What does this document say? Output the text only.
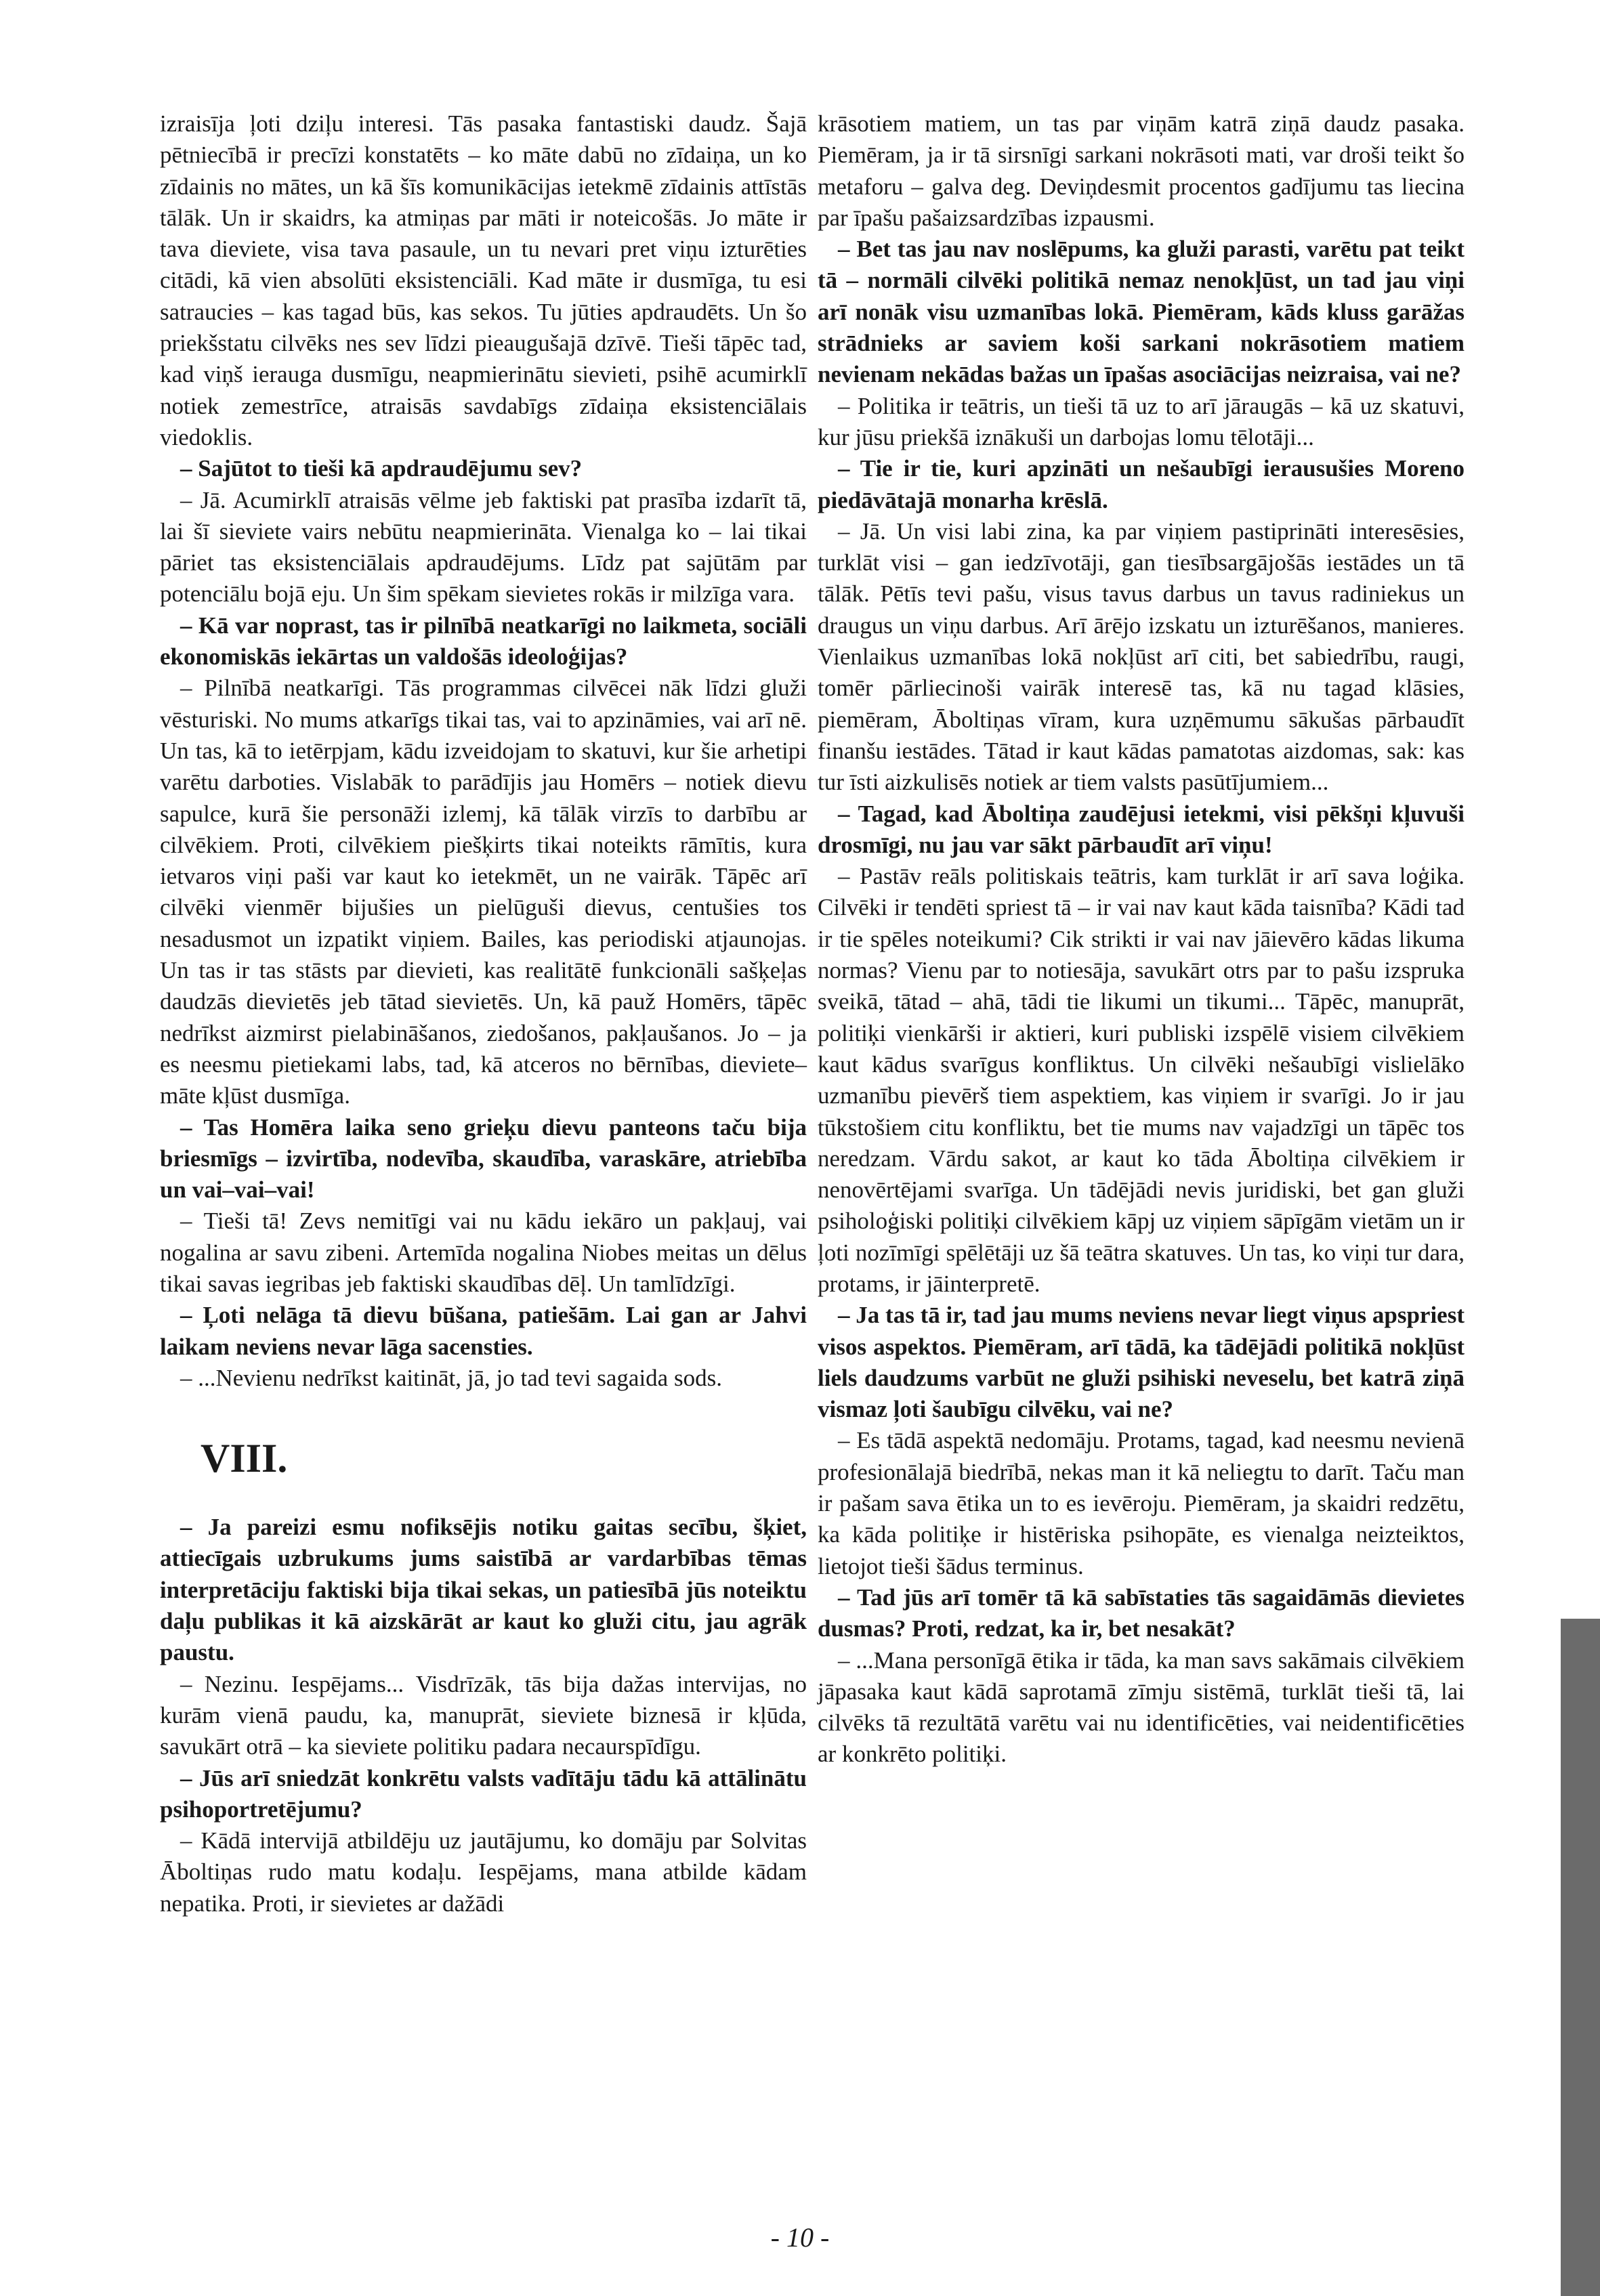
izraisīja ļoti dziļu interesi. Tās pasaka fantastiski daudz. Šajā pētniecībā ir precīzi konstatēts – ko māte dabū no zīdaiņa, un ko zīdainis no mātes, un kā šīs komunikācijas ietekmē zīdainis attīstās tālāk. Un ir skaidrs, ka atmiņas par māti ir noteicošās. Jo māte ir tava dieviete, visa tava pasaule, un tu nevari pret viņu izturēties citādi, kā vien absolūti eksistenciāli. Kad māte ir dusmīga, tu esi satraucies – kas tagad būs, kas sekos. Tu jūties apdraudēts. Un šo priekšstatu cilvēks nes sev līdzi pieaugušajā dzīvē. Tieši tāpēc tad, kad viņš ierauga dusmīgu, neapmierinātu sievieti, psihē acumirklī notiek zemestrīce, atraisās savdabīgs zīdaiņa eksistenciālais viedoklis.

– Sajūtot to tieši kā apdraudējumu sev?

– Jā. Acumirklī atraisās vēlme jeb faktiski pat prasība izdarīt tā, lai šī sieviete vairs nebūtu neapmierināta. Vienalga ko – lai tikai pāriet tas eksistenciālais apdraudējums. Līdz pat sajūtām par potenciālu bojā eju. Un šim spēkam sievietes rokās ir milzīga vara.

– Kā var noprast, tas ir pilnībā neatkarīgi no laikmeta, sociāli ekonomiskās iekārtas un valdošās ideoloģijas?

– Pilnībā neatkarīgi. Tās programmas cilvēcei nāk līdzi gluži vēsturiski. No mums atkarīgs tikai tas, vai to apzināmies, vai arī nē. Un tas, kā to ietērpjam, kādu izveidojam to skatuvi, kur šie arhetipi varētu darboties. Vislabāk to parādījis jau Homērs – notiek dievu sapulce, kurā šie personāži izlemj, kā tālāk virzīs to darbību ar cilvēkiem. Proti, cilvēkiem piešķirts tikai noteikts rāmītis, kura ietvaros viņi paši var kaut ko ietekmēt, un ne vairāk. Tāpēc arī cilvēki vienmēr bijušies un pielūguši dievus, centušies tos nesadusmot un izpatikt viņiem. Bailes, kas periodiski atjaunojas. Un tas ir tas stāsts par dievieti, kas realitātē funkcionāli sašķeļas daudzās dievietēs jeb tātad sievietēs. Un, kā pauž Homērs, tāpēc nedrīkst aizmirst pielabināšanos, ziedošanos, pakļaušanos. Jo – ja es neesmu pietiekami labs, tad, kā atceros no bērnības, dieviete–māte kļūst dusmīga.

– Tas Homēra laika seno grieķu dievu panteons taču bija briesmīgs – izvirtība, nodevība, skaudība, varaskāre, atriebība un vai–vai–vai!

– Tieši tā! Zevs nemitīgi vai nu kādu iekāro un pakļauj, vai nogalina ar savu zibeni. Artemīda nogalina Niobes meitas un dēlus tikai savas iegribas jeb faktiski skaudības dēļ. Un tamlīdzīgi.

– Ļoti nelāga tā dievu būšana, patiešām. Lai gan ar Jahvi laikam neviens nevar lāga sacensties.

– ...Nevienu nedrīkst kaitināt, jā, jo tad tevi sagaida sods.

VIII.

– Ja pareizi esmu nofiksējis notiku gaitas secību, šķiet, attiecīgais uzbrukums jums saistībā ar vardarbības tēmas interpretāciju faktiski bija tikai sekas, un patiesībā jūs noteiktu daļu publikas it kā aizskārāt ar kaut ko gluži citu, jau agrāk paustu.

– Nezinu. Iespējams... Visdrīzāk, tās bija dažas intervijas, no kurām vienā paudu, ka, manuprāt, sieviete biznesā ir kļūda, savukārt otrā – ka sieviete politiku padara necaurspīdīgu.

– Jūs arī sniedzāt konkrētu valsts vadītāju tādu kā attālinātu psihoportretējumu?

– Kādā intervijā atbildēju uz jautājumu, ko domāju par Solvitas Āboltiņas rudo matu kodaļu. Iespējams, mana atbilde kādam nepatika. Proti, ir sievietes ar dažādi

krāsotiem matiem, un tas par viņām katrā ziņā daudz pasaka. Piemēram, ja ir tā sirsnīgi sarkani nokrāsoti mati, var droši teikt šo metaforu – galva deg. Deviņdesmit procentos gadījumu tas liecina par īpašu pašaizsardzības izpausmi.

– Bet tas jau nav noslēpums, ka gluži parasti, varētu pat teikt tā – normāli cilvēki politikā nemaz nenokļūst, un tad jau viņi arī nonāk visu uzmanības lokā. Piemēram, kāds kluss garāžas strādnieks ar saviem koši sarkani nokrāsotiem matiem nevienam nekādas bažas un īpašas asociācijas neizraisa, vai ne?

– Politika ir teātris, un tieši tā uz to arī jāraugās – kā uz skatuvi, kur jūsu priekšā iznākuši un darbojas lomu tēlotāji...

– Tie ir tie, kuri apzināti un nešaubīgi ierausušies Moreno piedāvātajā monarha krēslā.

– Jā. Un visi labi zina, ka par viņiem pastiprināti interesēsies, turklāt visi – gan iedzīvotāji, gan tiesībsargājošās iestādes un tā tālāk. Pētīs tevi pašu, visus tavus darbus un tavus radiniekus un draugus un viņu darbus. Arī ārējo izskatu un izturēšanos, manieres. Vienlaikus uzmanības lokā nokļūst arī citi, bet sabiedrību, raugi, tomēr pārliecinoši vairāk interesē tas, kā nu tagad klāsies, piemēram, Āboltiņas vīram, kura uzņēmumu sākušas pārbaudīt finanšu iestādes. Tātad ir kaut kādas pamatotas aizdomas, sak: kas tur īsti aizkulisēs notiek ar tiem valsts pasūtījumiem...

– Tagad, kad Āboltiņa zaudējusi ietekmi, visi pēkšņi kļuvuši drosmīgi, nu jau var sākt pārbaudīt arī viņu!

– Pastāv reāls politiskais teātris, kam turklāt ir arī sava loģika. Cilvēki ir tendēti spriest tā – ir vai nav kaut kāda taisnība? Kādi tad ir tie spēles noteikumi? Cik strikti ir vai nav jāievēro kādas likuma normas? Vienu par to notiesāja, savukārt otrs par to pašu izspruka sveikā, tātad – ahā, tādi tie likumi un tikumi... Tāpēc, manuprāt, politiķi vienkārši ir aktieri, kuri publiski izspēlē visiem cilvēkiem kaut kādus svarīgus konfliktus. Un cilvēki nešaubīgi vislielāko uzmanību pievērš tiem aspektiem, kas viņiem ir svarīgi. Jo ir jau tūkstošiem citu konfliktu, bet tie mums nav vajadzīgi un tāpēc tos neredzam. Vārdu sakot, ar kaut ko tāda Āboltiņa cilvēkiem ir nenovērtējami svarīga. Un tādējādi nevis juridiski, bet gan gluži psiholoģiski politiķi cilvēkiem kāpj uz viņiem sāpīgām vietām un ir ļoti nozīmīgi spēlētāji uz šā teātra skatuves. Un tas, ko viņi tur dara, protams, ir jāinterpretē.

– Ja tas tā ir, tad jau mums neviens nevar liegt viņus apspriest visos aspektos. Piemēram, arī tādā, ka tādējādi politikā nokļūst liels daudzums varbūt ne gluži psihiski neveselu, bet katrā ziņā vismaz ļoti šaubīgu cilvēku, vai ne?

– Es tādā aspektā nedomāju. Protams, tagad, kad neesmu nevienā profesionālajā biedrībā, nekas man it kā neliegtu to darīt. Taču man ir pašam sava ētika un to es ievēroju. Piemēram, ja skaidri redzētu, ka kāda politiķe ir histēriska psihopāte, es vienalga neizteiktos, lietojot tieši šādus terminus.

– Tad jūs arī tomēr tā kā sabīstaties tās sagaidāmās dievietes dusmas? Proti, redzat, ka ir, bet nesakāt?

– ...Mana personīgā ētika ir tāda, ka man savs sakāmais cilvēkiem jāpasaka kaut kādā saprotamā zīmju sistēmā, turklāt tieši tā, lai cilvēks tā rezultātā varētu vai nu identificēties, vai neidentificēties ar konkrēto politiķi.

- 10 -
